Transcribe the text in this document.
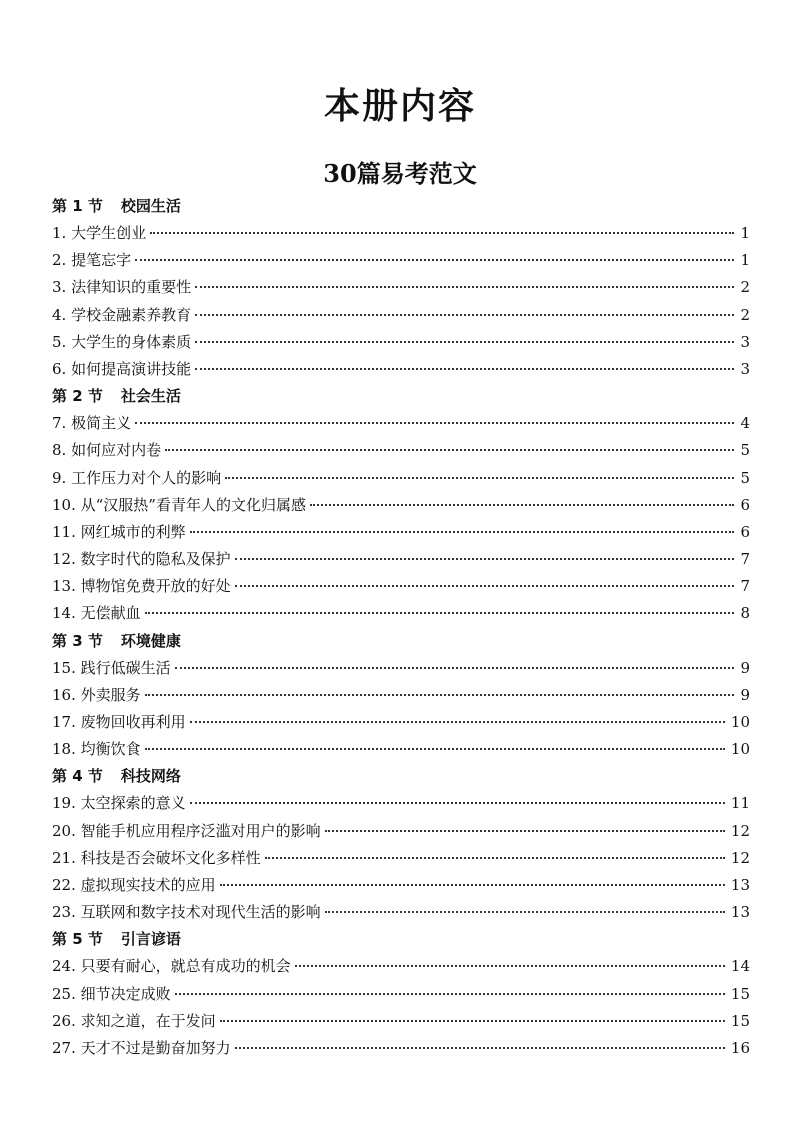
本册内容
30篇易考范文
第 1 节 校园生活
1. 大学生创业	1
2. 提笔忘字	1
3. 法律知识的重要性	2
4. 学校金融素养教育	2
5. 大学生的身体素质	3
6. 如何提高演讲技能	3
第 2 节 社会生活
7. 极简主义	4
8. 如何应对内卷	5
9. 工作压力对个人的影响	5
10. 从“汉服热”看青年人的文化归属感	6
11. 网红城市的利弊	6
12. 数字时代的隐私及保护	7
13. 博物馆免费开放的好处	7
14. 无偿献血	8
第 3 节 环境健康
15. 践行低碳生活	9
16. 外卖服务	9
17. 废物回收再利用	10
18. 均衡饮食	10
第 4 节 科技网络
19. 太空探索的意义	11
20. 智能手机应用程序泛滥对用户的影响	12
21. 科技是否会破坏文化多样性	12
22. 虚拟现实技术的应用	13
23. 互联网和数字技术对现代生活的影响	13
第 5 节 引言谚语
24. 只要有耐心，就总有成功的机会	14
25. 细节决定成败	15
26. 求知之道，在于发问	15
27. 天才不过是勤奋加努力	16
